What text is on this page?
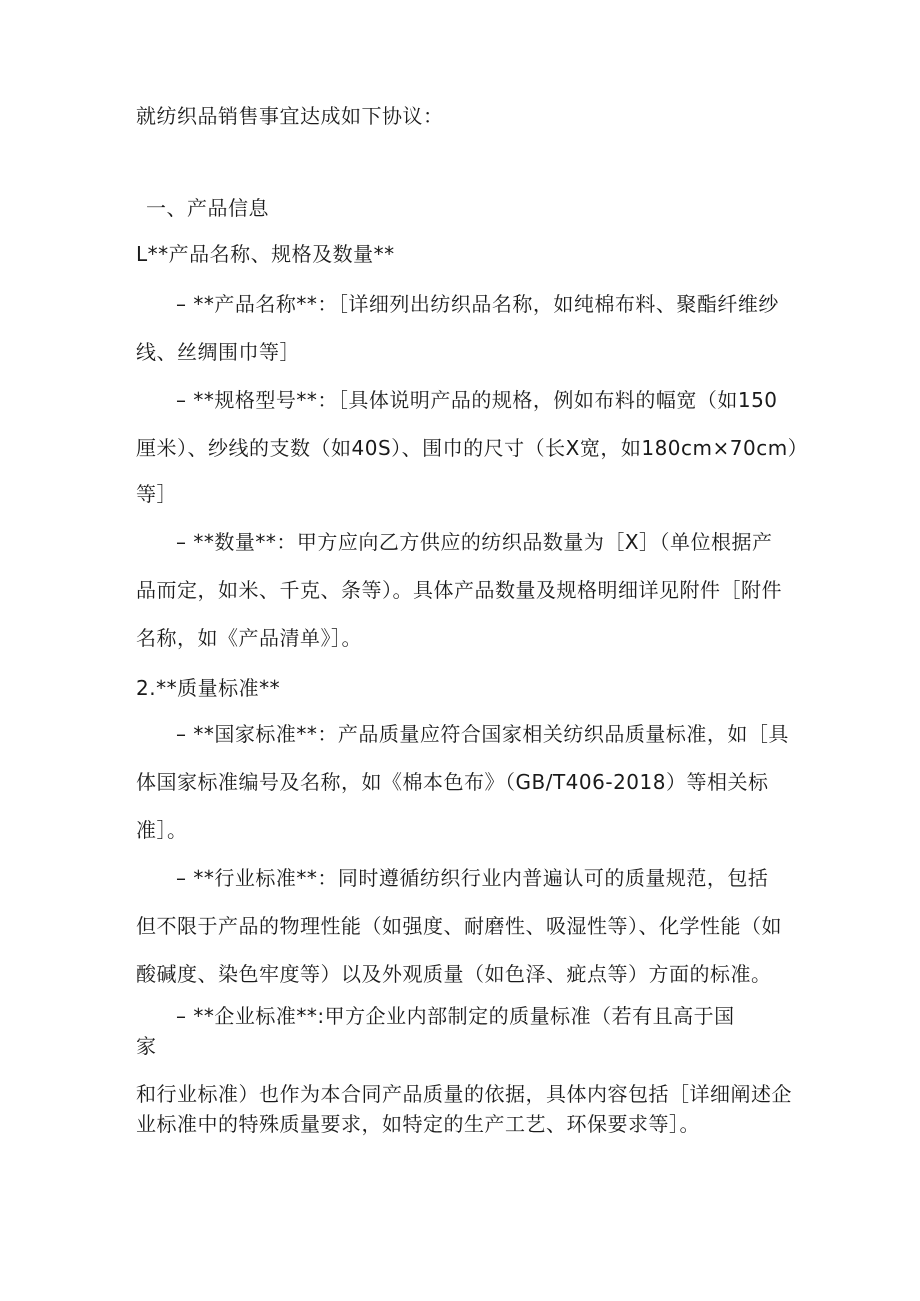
就纺织品销售事宜达成如下协议：
一、产品信息
L**产品名称、规格及数量**
– **产品名称**：［详细列出纺织品名称，如纯棉布料、聚酯纤维纱
线、丝绸围巾等］
– **规格型号**：［具体说明产品的规格，例如布料的幅宽（如150
厘米）、纱线的支数（如40S）、围巾的尺寸（长X宽，如180cm×70cm）
等］
– **数量**：甲方应向乙方供应的纺织品数量为［X］（单位根据产
品而定，如米、千克、条等）。具体产品数量及规格明细详见附件［附件
名称，如《产品清单》］。
2.**质量标准**
– **国家标准**：产品质量应符合国家相关纺织品质量标准，如［具
体国家标准编号及名称，如《棉本色布》（GB/T406-2018）等相关标
准］。
– **行业标准**：同时遵循纺织行业内普遍认可的质量规范，包括
但不限于产品的物理性能（如强度、耐磨性、吸湿性等）、化学性能（如
酸碱度、染色牢度等）以及外观质量（如色泽、疵点等）方面的标准。
– **企业标准**:甲方企业内部制定的质量标准（若有且高于国
家
和行业标准）也作为本合同产品质量的依据，具体内容包括［详细阐述企
业标准中的特殊质量要求，如特定的生产工艺、环保要求等］。
